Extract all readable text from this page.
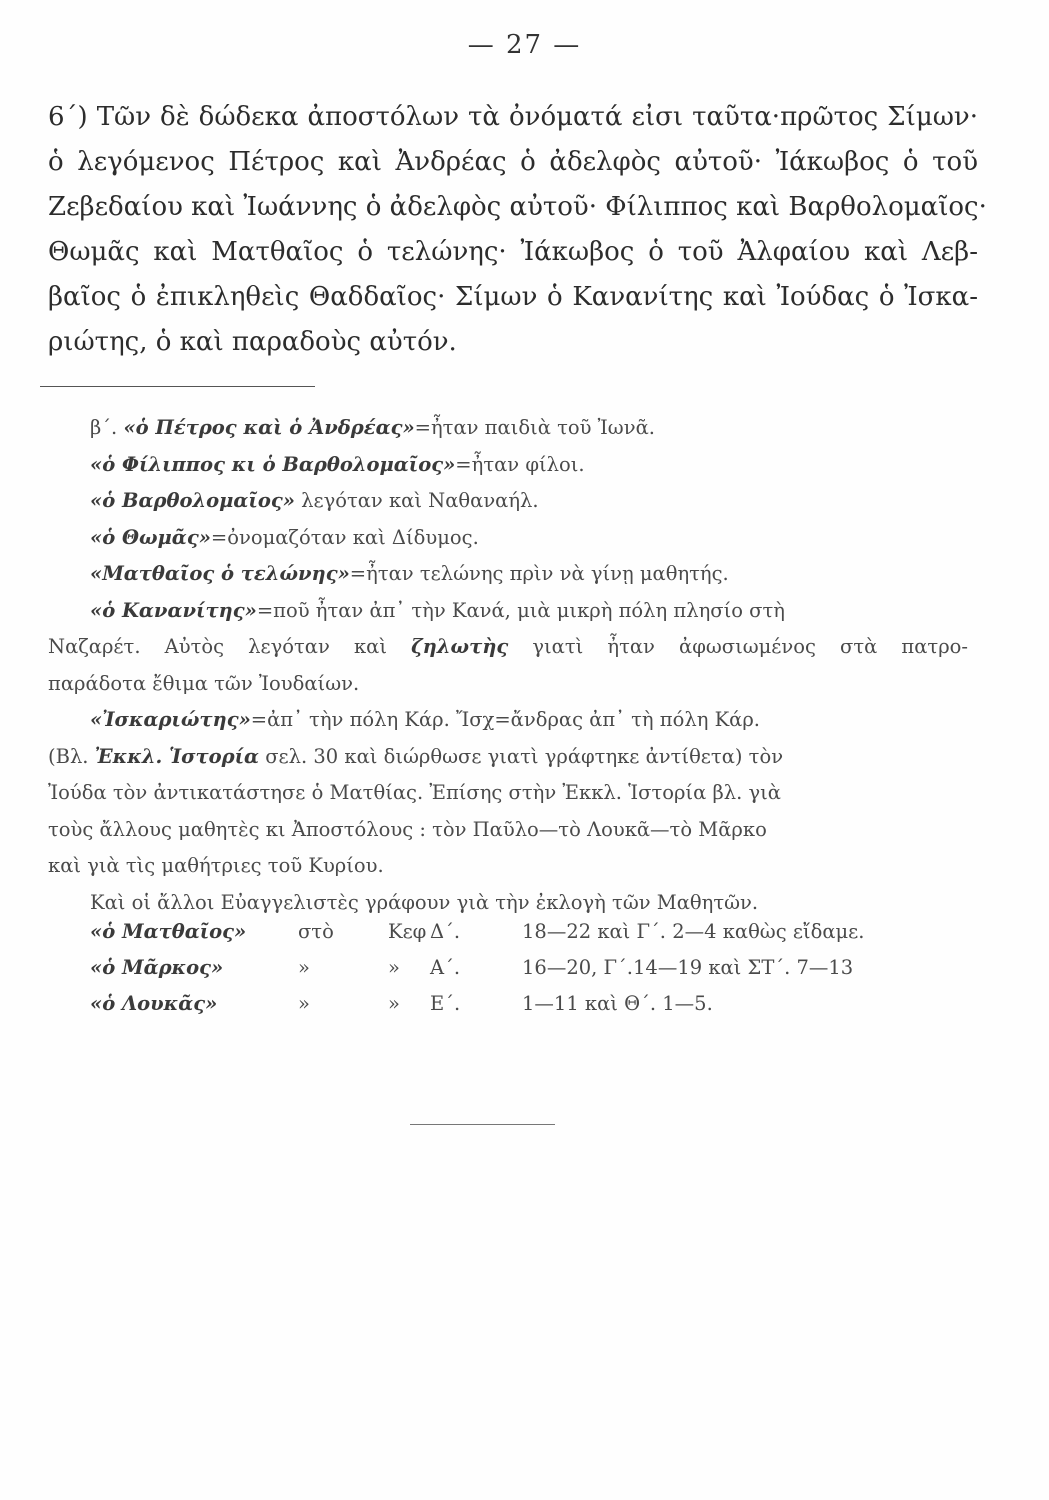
— 27 —
6΄) Τῶν δὲ δώδεκα ἀποστόλων τὰ ὀνόματά εἰσι ταῦτα·πρῶτος Σίμων·
ὁ λεγόμενος Πέτρος καὶ Ἀνδρέας ὁ ἀδελφὸς αὐτοῦ· Ἰάκωβος ὁ τοῦ
Ζεβεδαίου καὶ Ἰωάννης ὁ ἀδελφὸς αὐτοῦ· Φίλιππος καὶ Βαρθολομαῖος·
Θωμᾶς καὶ Ματθαῖος ὁ τελώνης· Ἰάκωβος ὁ τοῦ Ἀλφαίου καὶ Λεβ-
βαῖος ὁ ἐπικληθεὶς Θαδδαῖος· Σίμων ὁ Κανανίτης καὶ Ἰούδας ὁ Ἰσκα-
ριώτης, ὁ καὶ παραδοὺς αὐτόν.
β΄. «ὁ Πέτρος καὶ ὁ Ἀνδρέας»=ἦταν παιδιὰ τοῦ Ἰωνᾶ.
«ὁ Φίλιππος κι ὁ Βαρθολομαῖος»=ἦταν φίλοι.
«ὁ Βαρθολομαῖος» λεγόταν καὶ Ναθαναήλ.
«ὁ Θωμᾶς»=ὀνομαζόταν καὶ Δίδυμος.
«Ματθαῖος ὁ τελώνης»=ἦταν τελώνης πρὶν νὰ γίνῃ μαθητής.
«ὁ Κανανίτης»=ποῦ ἦταν ἀπ᾽ τὴν Κανά, μιὰ μικρὴ πόλη πλησίο στὴ
Ναζαρέτ. Αὐτὸς λεγόταν καὶ ζηλωτὴς γιατὶ ἦταν ἀφωσιωμένος στὰ πατρο-
παράδοτα ἔθιμα τῶν Ἰουδαίων.
«Ἰσκαριώτης»=ἀπ᾽ τὴν πόλη Κάρ. Ἴσχ=ἄνδρας ἀπ᾽ τὴ πόλη Κάρ.
(Βλ. Ἐκκλ. Ἱστορία σελ. 30 καὶ διώρθωσε γιατὶ γράφτηκε ἀντίθετα) τὸν
Ἰούδα τὸν ἀντικατάστησε ὁ Ματθίας. Ἐπίσης στὴν Ἐκκλ. Ἱστορία βλ. γιὰ
τοὺς ἄλλους μαθητὲς κι Ἀποστόλους : τὸν Παῦλο—τὸ Λουκᾶ—τὸ Μᾶρκο
καὶ γιὰ τὶς μαθήτριες τοῦ Κυρίου.
Καὶ οἱ ἄλλοι Εὐαγγελιστὲς γράφουν γιὰ τὴν ἐκλογὴ τῶν Μαθητῶν.
«ὁ Ματθαῖος»	στὸ	Κεφ Δ΄.	18—22 καὶ Γ΄. 2—4 καθὼς εἴδαμε.
«ὁ Μᾶρκος»	»	» Α΄.	16—20, Γ΄.14—19 καὶ ΣΤ΄. 7—13
«ὁ Λουκᾶς»	»	» Ε΄.	1—11 καὶ Θ΄. 1—5.
